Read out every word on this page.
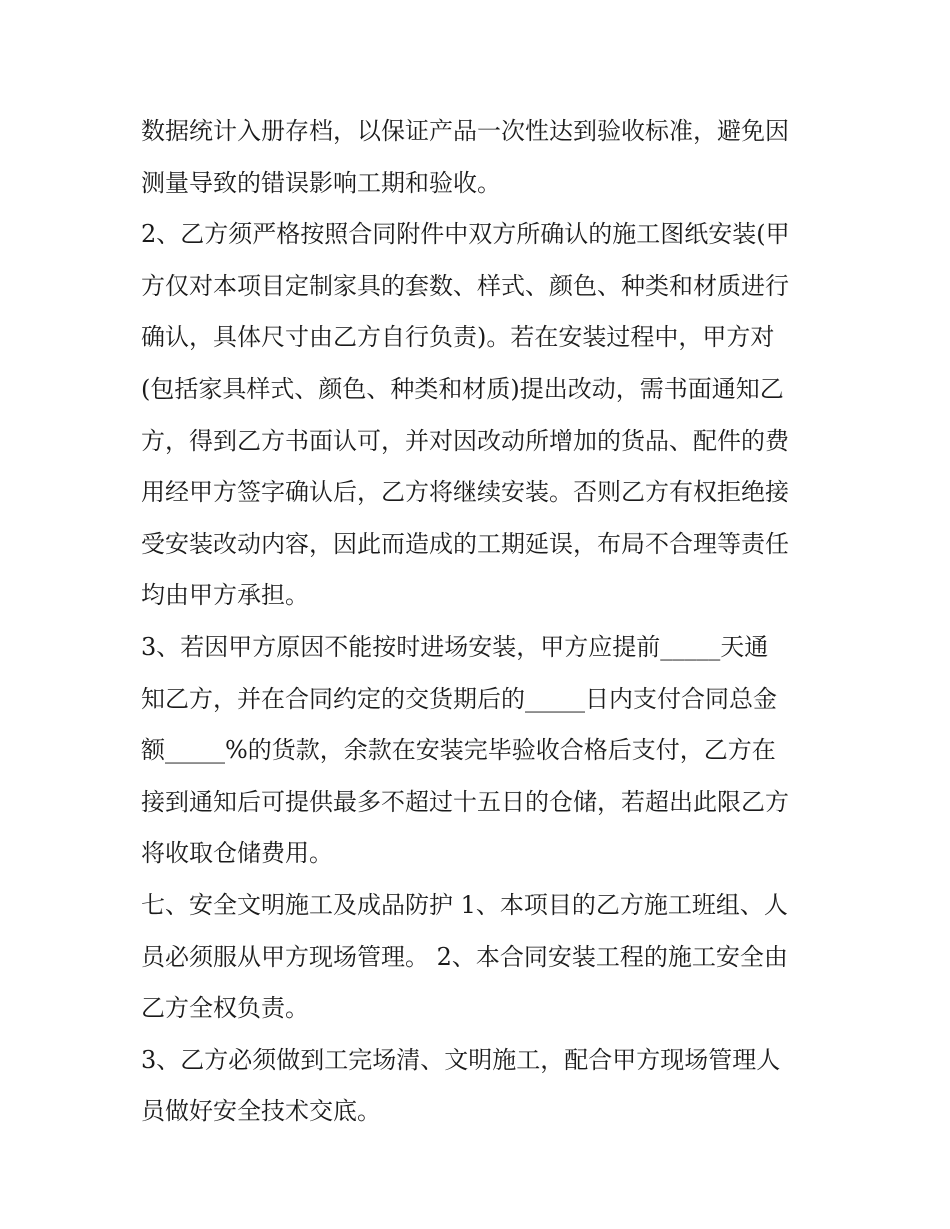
数据统计入册存档，以保证产品一次性达到验收标准，避免因
测量导致的错误影响工期和验收。
2、乙方须严格按照合同附件中双方所确认的施工图纸安装(甲
方仅对本项目定制家具的套数、样式、颜色、种类和材质进行
确认，具体尺寸由乙方自行负责)。若在安装过程中，甲方对
(包括家具样式、颜色、种类和材质)提出改动，需书面通知乙
方，得到乙方书面认可，并对因改动所增加的货品、配件的费
用经甲方签字确认后，乙方将继续安装。否则乙方有权拒绝接
受安装改动内容，因此而造成的工期延误，布局不合理等责任
均由甲方承担。
3、若因甲方原因不能按时进场安装，甲方应提前_____天通
知乙方，并在合同约定的交货期后的_____日内支付合同总金
额_____%的货款，余款在安装完毕验收合格后支付，乙方在
接到通知后可提供最多不超过十五日的仓储，若超出此限乙方
将收取仓储费用。
七、安全文明施工及成品防护 1、本项目的乙方施工班组、人
员必须服从甲方现场管理。 2、本合同安装工程的施工安全由
乙方全权负责。
3、乙方必须做到工完场清、文明施工，配合甲方现场管理人
员做好安全技术交底。
